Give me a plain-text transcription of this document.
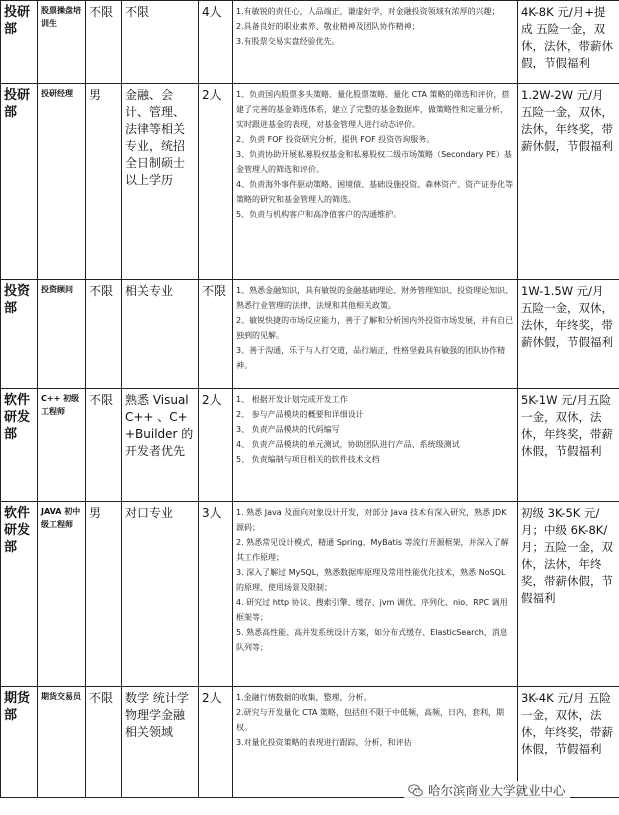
投研部	股票操盘培训生	不限	不限	4人	1.有敏锐的责任心，人品端正，谦虚好学，对金融投资领域有浓厚的兴趣；
2.具备良好的职业素养、敬业精神及团队协作精神；
3.有股票交易实盘经验优先。	4K-8K 元/月+提成 五险一金，双休，法休，带薪休假，节假福利
投研部	投研经理	男	金融、会计、管理、法律等相关专业，统招全日制硕士以上学历	2人	1、负责国内股票多头策略、量化股票策略、量化 CTA 策略的筛选和评价，搭建了完善的基金筛选体系，建立了完整的基金数据库，做策略性和定量分析，实时跟进基金的表现，对基金管理人进行动态评价。
2、负责 FOF 投资研究分析，提供 FOF 投资咨询服务。
3、负责协助开展私募股权基金和私募股权二级市场策略（Secondary PE）基金管理人的筛选和评价。
4、负责海外事件驱动策略、困境债、基础设施投资、森林资产、资产证券化等策略的研究和基金管理人的筛选。
5、负责与机构客户和高净值客户的沟通维护。	1.2W-2W 元/月 五险一金，双休，法休，年终奖，带薪休假，节假福利
投资部	投资顾问	不限	相关专业	不限	1、熟悉金融知识，具有敏锐的金融基础理论、财务管理知识、投资理论知识、熟悉行业管理的法律、法规和其他相关政策。
2、敏锐快捷的市场反应能力，善于了解和分析国内外投资市场发展，并有自已独到的见解。
3、善于沟通，乐于与人打交道，品行端正，性格坚毅具有敏强的团队协作精神。	1W-1.5W 元/月 五险一金，双休，法休，年终奖，带薪休假，节假福利
软件研发部	C++ 初级工程师	不限	熟悉 Visual C++ 、C++Builder 的开发者优先	2人	1、 根据开发计划完成开发工作
2、 参与产品模块的概要和详细设计
3、 负责产品模块的代码编写
4、 负责产品模块的单元测试，协助团队进行产品、系统级测试
5、 负责编制与项目相关的软件技术文档	5K-1W 元/月五险一金，双休，法休，年终奖，带薪休假，节假福利
软件研发部	JAVA 初中级工程师	男	对口专业	3人	1. 熟悉 Java 及面向对象设计开发，对部分 Java 技术有深入研究，熟悉 JDK 源码；
2. 熟悉常见设计模式，精通 Spring、MyBatis 等流行开源框架，并深入了解其工作原理；
3. 深入了解过 MySQL，熟悉数据库原理及常用性能优化技术，熟悉 NoSQL 的原理、使用场景及限制；
4. 研究过 http 协议、搜索引擎、缓存、jvm 调优、序列化、nio、RPC 调用框架等；
5. 熟悉高性能、高并发系统设计方案，如分布式缓存、ElasticSearch、消息队列等；	初级 3K-5K 元/月；中级 6K-8K/月；五险一金，双休，法休，年终奖，带薪休假，节假福利
期货部	期货交易员	不限	数学 统计学 物理学金融相关领域	2人	1.金融行情数据的收集，整理，分析。
2.研究与开发量化 CTA 策略，包括但不限于中低频，高频，日内，套利，期权。
3.对量化投资策略的表现进行跟踪，分析，和评估	3K-4K 元/月 五险一金，双休，法休，年终奖，带薪休假，节假福利
哈尔滨商业大学就业中心
